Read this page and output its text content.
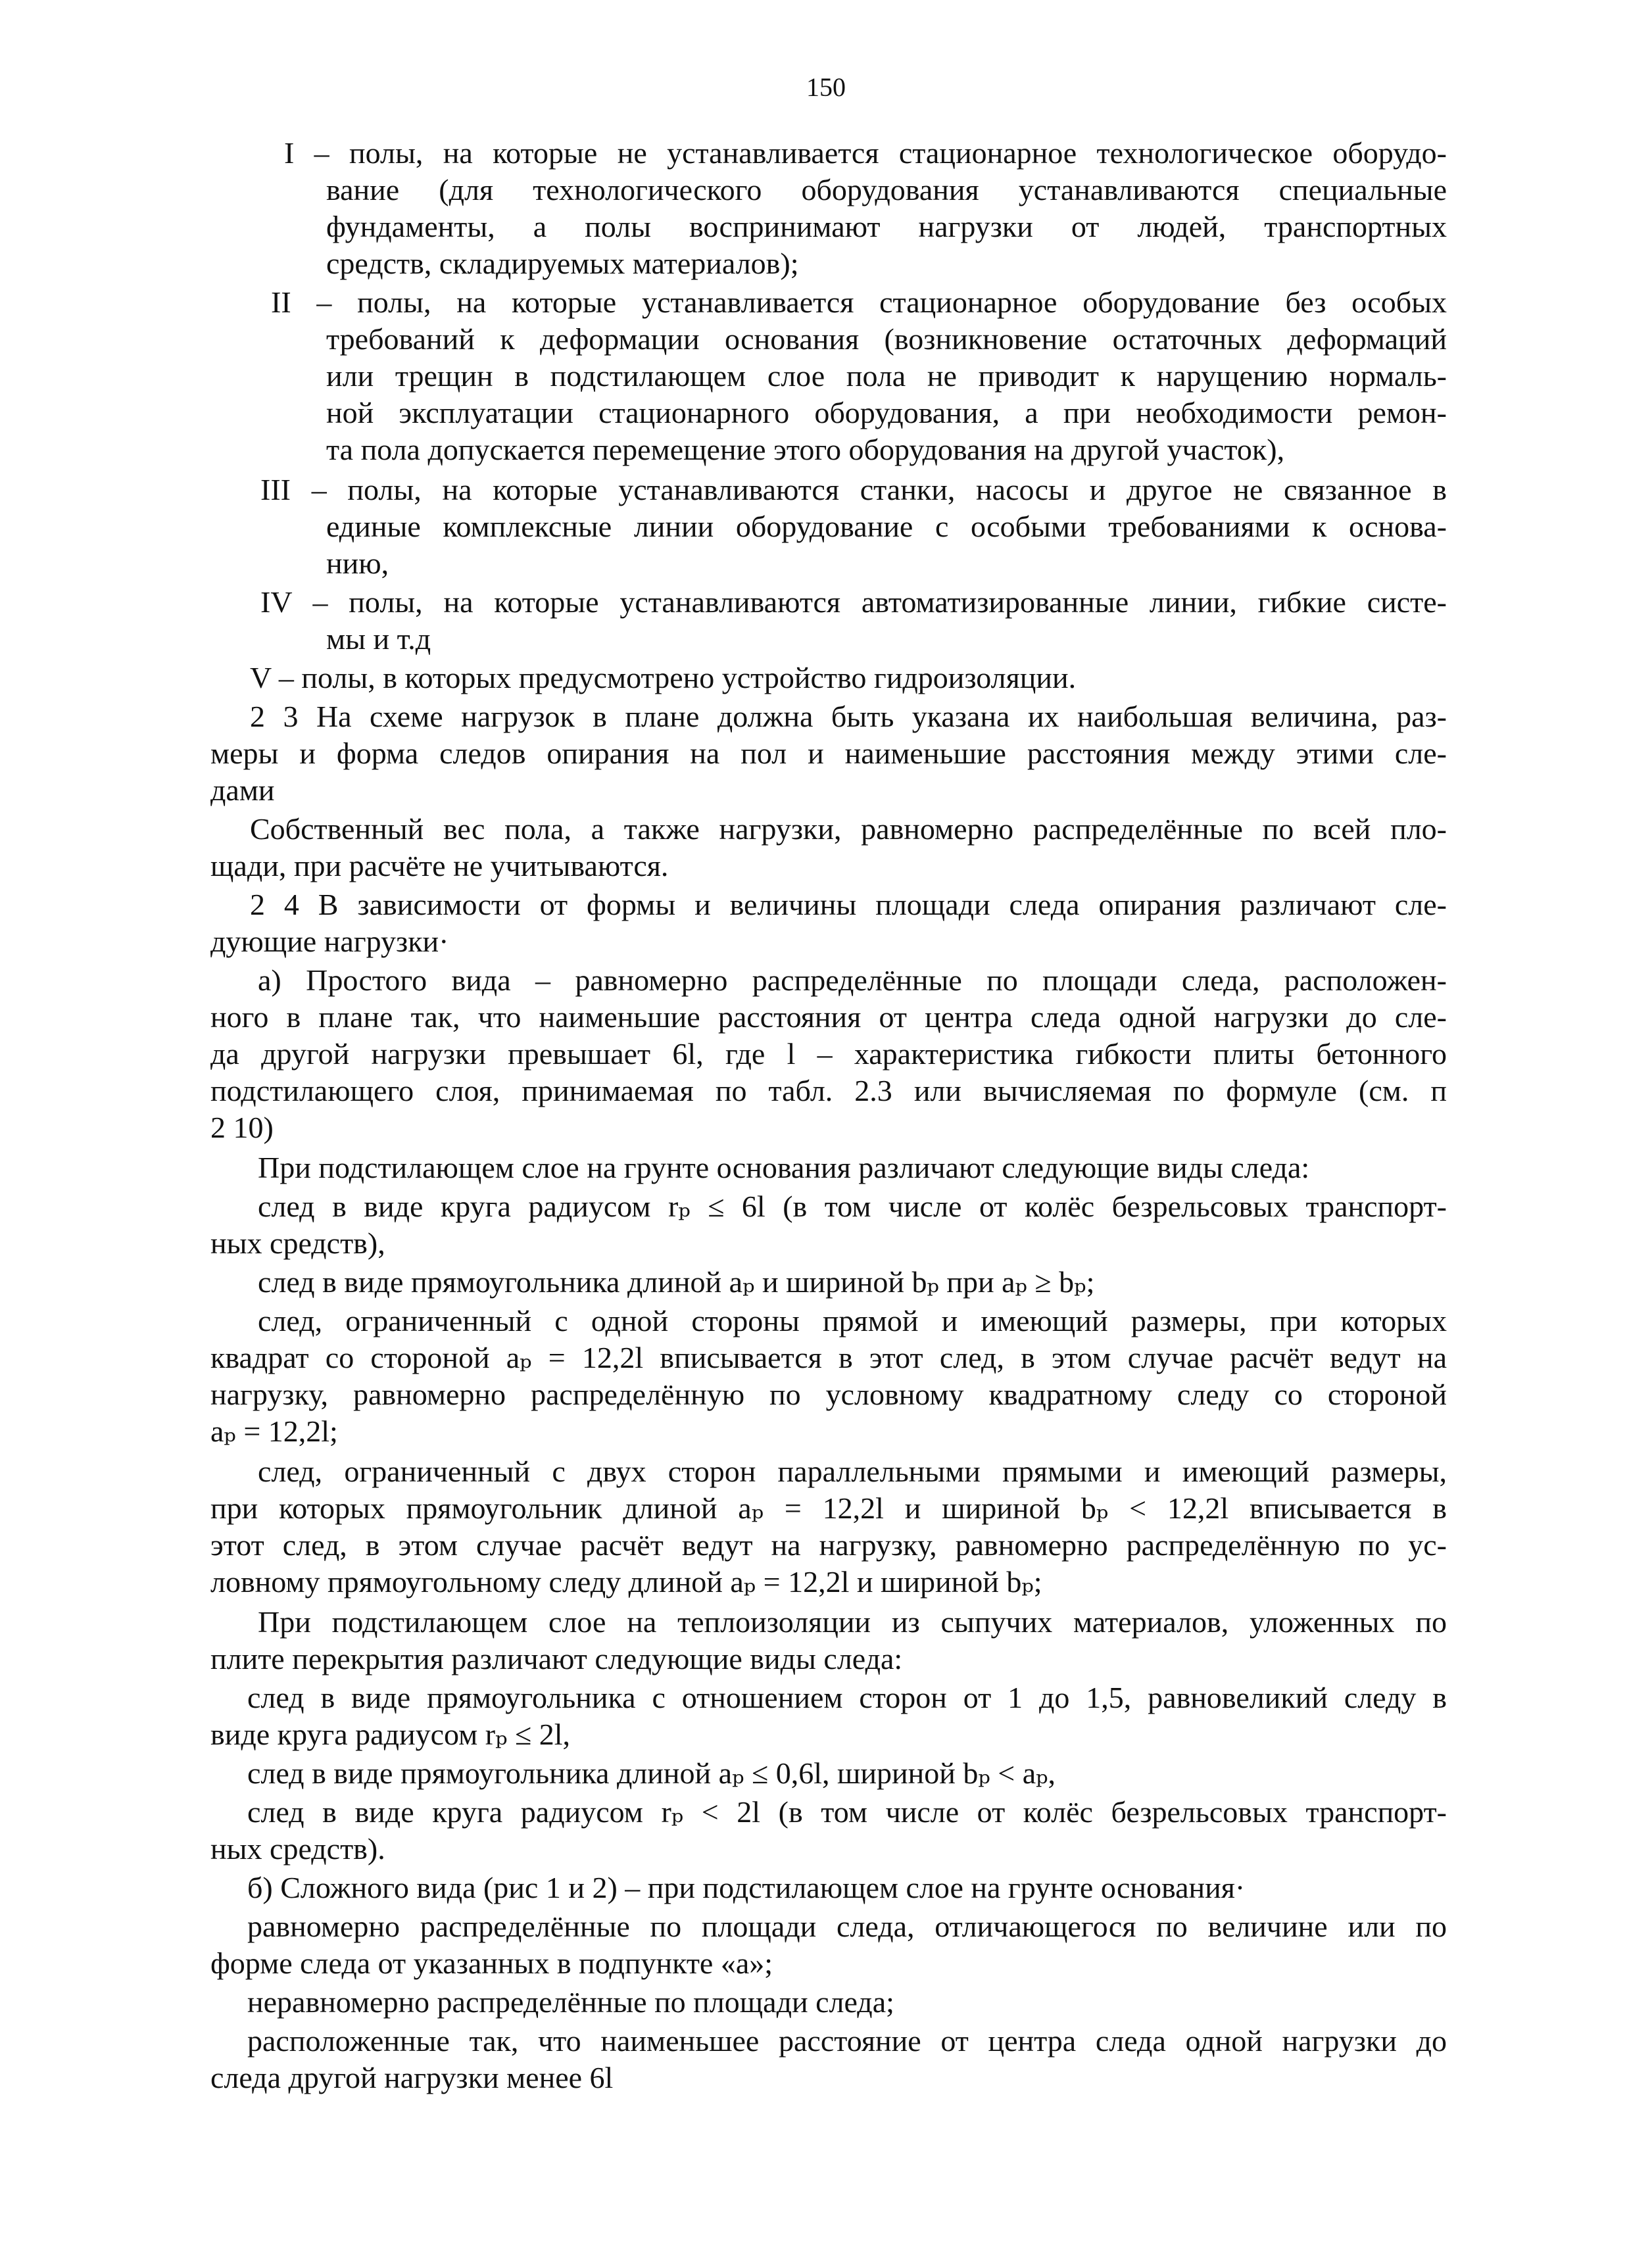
150

I – полы, на которые не устанавливается стационарное технологическое оборудо-

вание (для технологического оборудования устанавливаются специальные

фундаменты, а полы воспринимают нагрузки от людей, транспортных

средств, складируемых материалов);

II – полы, на которые устанавливается стационарное оборудование без особых

требований к деформации основания (возникновение остаточных деформаций

или трещин в подстилающем слое пола не приводит к нарущению нормаль-

ной эксплуатации стационарного оборудования, а при необходимости ремон-

та пола допускается перемещение этого оборудования на другой участок),

III – полы, на которые устанавливаются станки, насосы и другое не связанное в

единые комплексные линии оборудование с особыми требованиями к основа-

нию,

IV – полы, на которые устанавливаются автоматизированные линии, гибкие систе-

мы и т.д

V – полы, в которых предусмотрено устройство гидроизоляции.

2 3 На схеме нагрузок в плане должна быть указана их наибольшая величина, раз-

меры и форма следов опирания на пол и наименьшие расстояния между этими сле-

дами

Собственный вес пола, а также нагрузки, равномерно распределённые по всей пло-

щади, при расчёте не учитываются.

2 4 В зависимости от формы и величины площади следа опирания различают сле-

дующие нагрузки·

а) Простого вида – равномерно распределённые по площади следа, расположен-

ного в плане так, что наименьшие расстояния от центра следа одной нагрузки до сле-

да другой нагрузки превышает 6l, где l – характеристика гибкости плиты бетонного

подстилающего слоя, принимаемая по табл. 2.3 или вычисляемая по формуле (см. п

2 10)

При подстилающем слое на грунте основания различают следующие виды следа:

след в виде круга радиусом rₚ ≤ 6l (в том числе от колёс безрельсовых транспорт-

ных средств),

след в виде прямоугольника длиной aₚ и шириной bₚ при aₚ ≥ bₚ;

след, ограниченный с одной стороны прямой и имеющий размеры, при которых

квадрат со стороной aₚ = 12,2l вписывается в этот след, в этом случае расчёт ведут на

нагрузку, равномерно распределённую по условному квадратному следу со стороной

aₚ = 12,2l;

след, ограниченный с двух сторон параллельными прямыми и имеющий размеры,

при которых прямоугольник длиной aₚ = 12,2l и шириной bₚ < 12,2l вписывается в

этот след, в этом случае расчёт ведут на нагрузку, равномерно распределённую по ус-

ловному прямоугольному следу длиной aₚ = 12,2l и шириной bₚ;

При подстилающем слое на теплоизоляции из сыпучих материалов, уложенных по

плите перекрытия различают следующие виды следа:

след в виде прямоугольника с отношением сторон от 1 до 1,5, равновеликий следу в

виде круга радиусом rₚ ≤ 2l,

след в виде прямоугольника длиной aₚ ≤ 0,6l, шириной bₚ < aₚ,

след в виде круга радиусом rₚ < 2l (в том числе от колёс безрельсовых транспорт-

ных средств).

б) Сложного вида (рис 1 и 2) – при подстилающем слое на грунте основания·

равномерно распределённые по площади следа, отличающегося по величине или по

форме следа от указанных в подпункте «а»;

неравномерно распределённые по площади следа;

расположенные так, что наименьшее расстояние от центра следа одной нагрузки до

следа другой нагрузки менее 6l
